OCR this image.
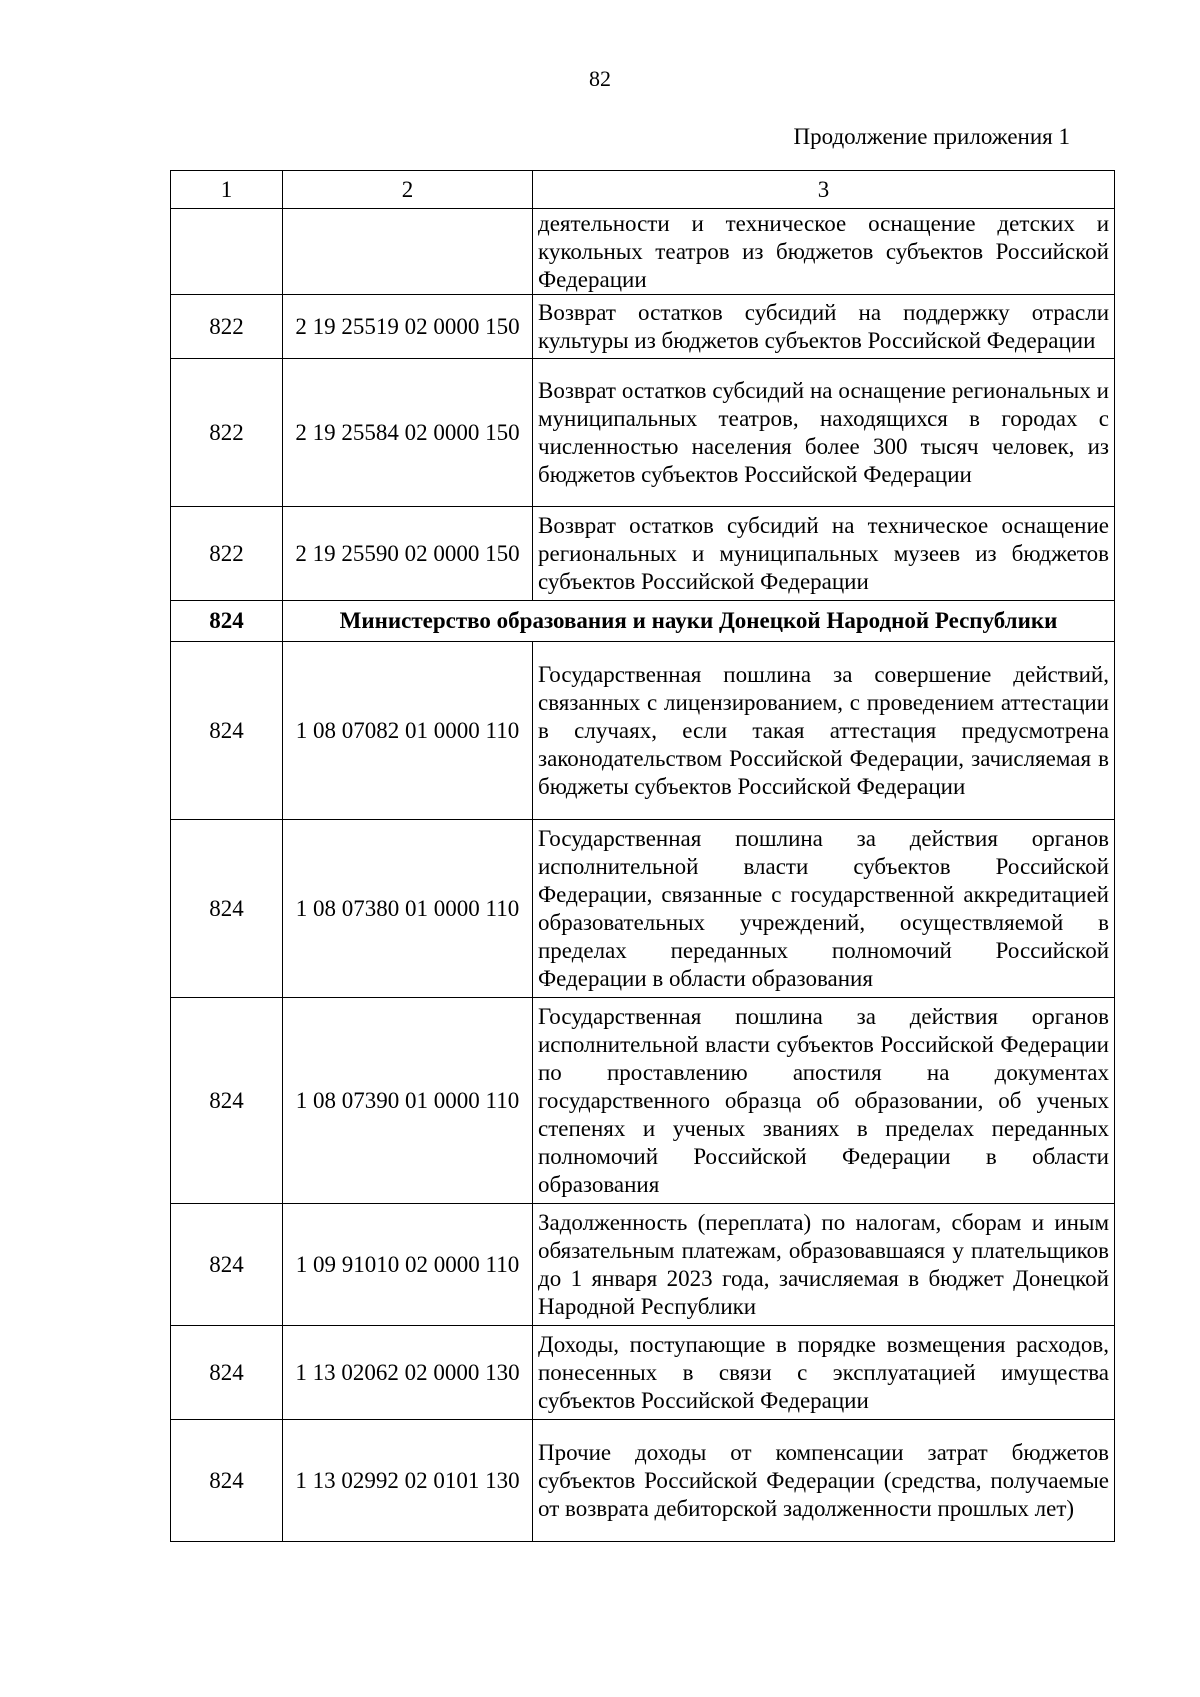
82
Продолжение приложения 1
1	2	3
		деятельности и техническое оснащение детских и кукольных театров из бюджетов субъектов Российской Федерации
822	2 19 25519 02 0000 150	Возврат остатков субсидий на поддержку отрасли культуры из бюджетов субъектов Российской Федерации
822	2 19 25584 02 0000 150	Возврат остатков субсидий на оснащение региональных и муниципальных театров, находящихся в городах с численностью населения более 300 тысяч человек, из бюджетов субъектов Российской Федерации
822	2 19 25590 02 0000 150	Возврат остатков субсидий на техническое оснащение региональных и муниципальных музеев из бюджетов субъектов Российской Федерации
824	Министерство образования и науки Донецкой Народной Республики	
824	1 08 07082 01 0000 110	Государственная пошлина за совершение действий, связанных с лицензированием, с проведением аттестации в случаях, если такая аттестация предусмотрена законодательством Российской Федерации, зачисляемая в бюджеты субъектов Российской Федерации
824	1 08 07380 01 0000 110	Государственная пошлина за действия органов исполнительной власти субъектов Российской Федерации, связанные с государственной аккредитацией образовательных учреждений, осуществляемой в пределах переданных полномочий Российской Федерации в области образования
824	1 08 07390 01 0000 110	Государственная пошлина за действия органов исполнительной власти субъектов Российской Федерации по проставлению апостиля на документах государственного образца об образовании, об ученых степенях и ученых званиях в пределах переданных полномочий Российской Федерации в области образования
824	1 09 91010 02 0000 110	Задолженность (переплата) по налогам, сборам и иным обязательным платежам, образовавшаяся у плательщиков до 1 января 2023 года, зачисляемая в бюджет Донецкой Народной Республики
824	1 13 02062 02 0000 130	Доходы, поступающие в порядке возмещения расходов, понесенных в связи с эксплуатацией имущества субъектов Российской Федерации
824	1 13 02992 02 0101 130	Прочие доходы от компенсации затрат бюджетов субъектов Российской Федерации (средства, получаемые от возврата дебиторской задолженности прошлых лет)
